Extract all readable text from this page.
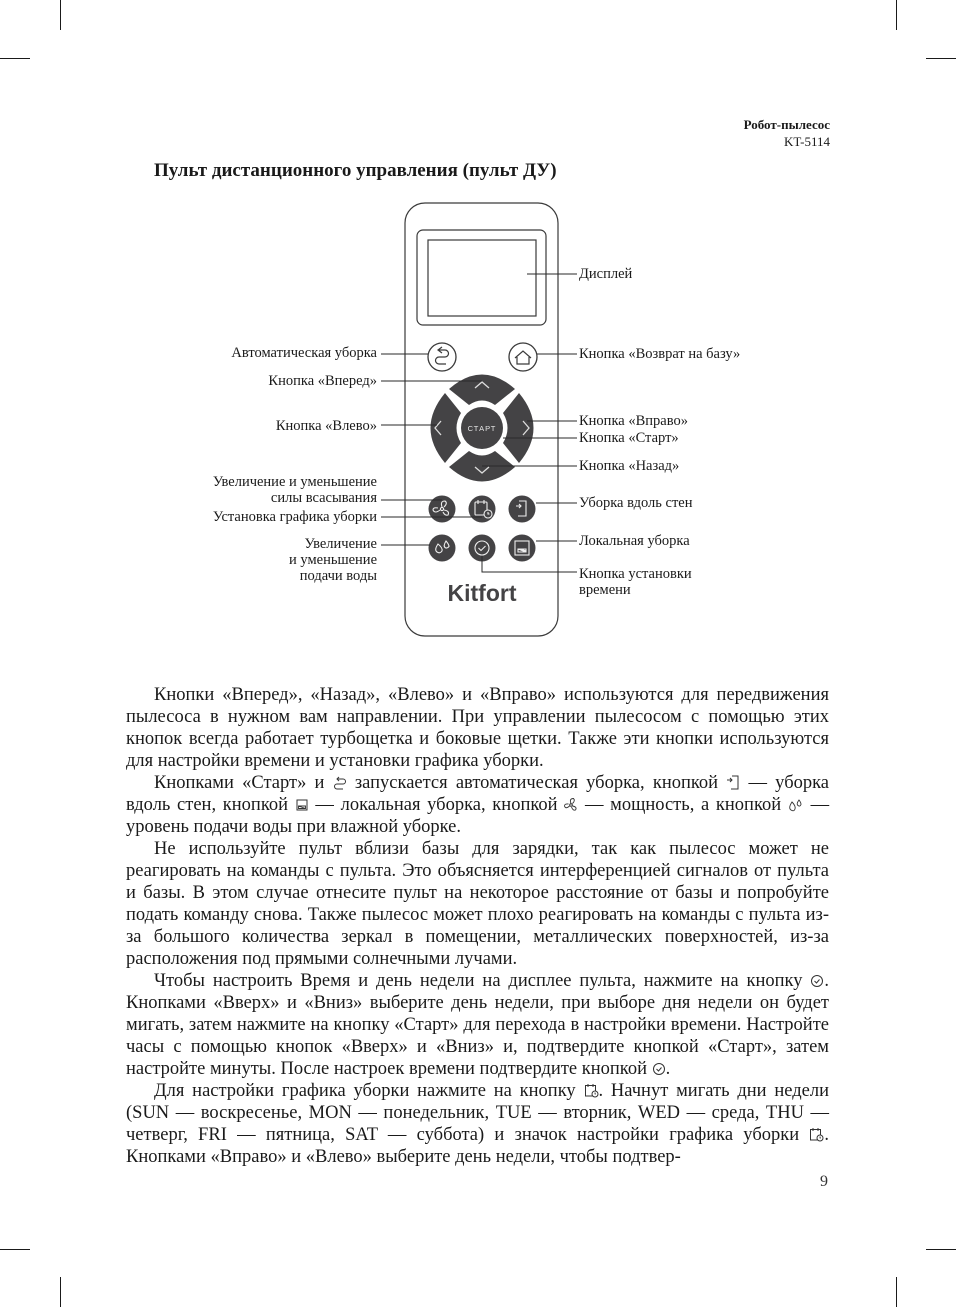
Робот-пылесос
KT-5114
Пульт дистанционного управления (пульт ДУ)
СТАРТ
Kitfort
Дисплей
Автоматическая уборка	Кнопка «Возврат на базу»
Кнопка «Вперед»
Кнопка «Влево»	Кнопка «Вправо»
Кнопка «Старт»
Кнопка «Назад»
Увеличение и уменьшение
силы всасывания
Установка графика уборки
Уборка вдоль стен
Увеличение
и уменьшение
подачи воды
Локальная уборка
Кнопка установки
времени

Кнопки «Вперед», «Назад», «Влево» и «Вправо» используются для передвижения пылесоса в нужном вам направлении. При управлении пылесосом с помощью этих кнопок всегда работает турбощетка и боковые щетки. Также эти кнопки используются для настройки времени и установки графика уборки.

Кнопками «Старт» и запускается автоматическая уборка, кнопкой — уборка вдоль стен, кнопкой — локальная уборка, кнопкой — мощность, а кнопкой — уровень подачи воды при влажной уборке.

Не используйте пульт вблизи базы для зарядки, так как пылесос может не реагировать на команды с пульта. Это объясняется интерференцией сигналов от пульта и базы. В этом случае отнесите пульт на некоторое расстояние от базы и попробуйте подать команду снова. Также пылесос может плохо реагировать на команды с пульта из-за большого количества зеркал в помещении, металлических поверхностей, из-за расположения под прямыми солнечными лучами.

Чтобы настроить Время и день недели на дисплее пульта, нажмите на кнопку . Кнопками «Вверх» и «Вниз» выберите день недели, при выборе дня недели он будет мигать, затем нажмите на кнопку «Старт» для перехода в настройки времени. Настройте часы с помощью кнопок «Вверх» и «Вниз» и, подтвердите кнопкой «Старт», затем настройте минуты. После настроек времени подтвердите кнопкой .

Для настройки графика уборки нажмите на кнопку . Начнут мигать дни недели (SUN — воскресенье, MON — понедельник, TUE — вторник, WED — среда, THU — четверг, FRI — пятница, SAT — суббота) и значок настройки графика уборки . Кнопками «Вправо» и «Влево» выберите день недели, чтобы подтвер-

9
